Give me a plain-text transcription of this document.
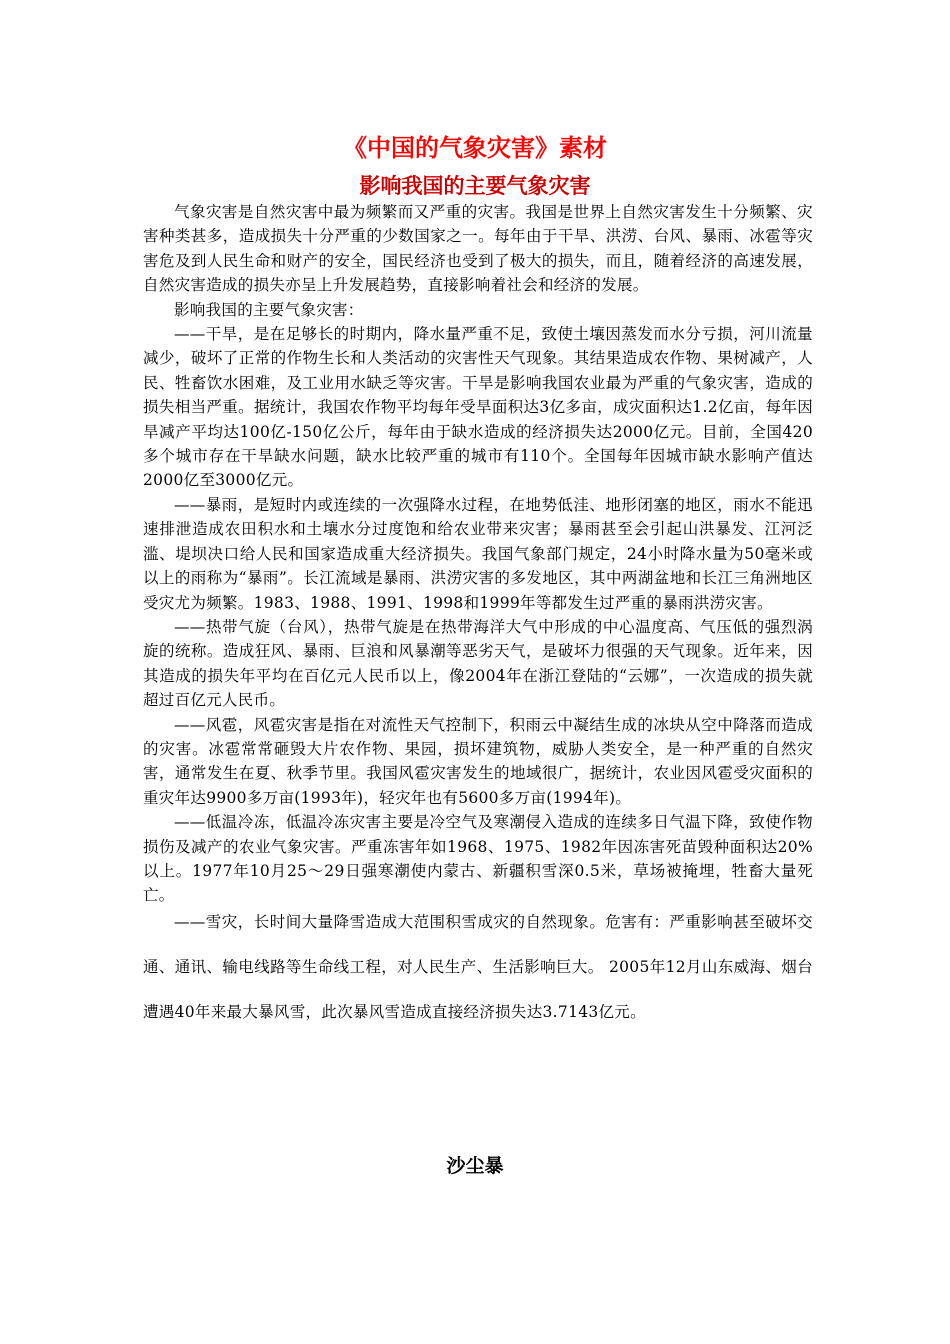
《中国的气象灾害》素材
影响我国的主要气象灾害

气象灾害是自然灾害中最为频繁而又严重的灾害。我国是世界上自然灾害发生十分频繁、灾害种类甚多，造成损失十分严重的少数国家之一。每年由于干旱、洪涝、台风、暴雨、冰雹等灾害危及到人民生命和财产的安全，国民经济也受到了极大的损失，而且，随着经济的高速发展，自然灾害造成的损失亦呈上升发展趋势，直接影响着社会和经济的发展。

影响我国的主要气象灾害：

——干旱，是在足够长的时期内，降水量严重不足，致使土壤因蒸发而水分亏损，河川流量减少，破坏了正常的作物生长和人类活动的灾害性天气现象。其结果造成农作物、果树减产，人民、牲畜饮水困难，及工业用水缺乏等灾害。干旱是影响我国农业最为严重的气象灾害，造成的损失相当严重。据统计，我国农作物平均每年受旱面积达3亿多亩，成灾面积达1.2亿亩，每年因旱减产平均达100亿-150亿公斤，每年由于缺水造成的经济损失达2000亿元。目前，全国420多个城市存在干旱缺水问题，缺水比较严重的城市有110个。全国每年因城市缺水影响产值达2000亿至3000亿元。

——暴雨，是短时内或连续的一次强降水过程，在地势低洼、地形闭塞的地区，雨水不能迅速排泄造成农田积水和土壤水分过度饱和给农业带来灾害；暴雨甚至会引起山洪暴发、江河泛滥、堤坝决口给人民和国家造成重大经济损失。我国气象部门规定，24小时降水量为50毫米或以上的雨称为“暴雨”。长江流域是暴雨、洪涝灾害的多发地区，其中两湖盆地和长江三角洲地区受灾尤为频繁。1983、1988、1991、1998和1999年等都发生过严重的暴雨洪涝灾害。

——热带气旋（台风），热带气旋是在热带海洋大气中形成的中心温度高、气压低的强烈涡旋的统称。造成狂风、暴雨、巨浪和风暴潮等恶劣天气，是破坏力很强的天气现象。近年来，因其造成的损失年平均在百亿元人民币以上，像2004年在浙江登陆的“云娜”，一次造成的损失就超过百亿元人民币。

——风雹，风雹灾害是指在对流性天气控制下，积雨云中凝结生成的冰块从空中降落而造成的灾害。冰雹常常砸毁大片农作物、果园，损坏建筑物，威胁人类安全，是一种严重的自然灾害，通常发生在夏、秋季节里。我国风雹灾害发生的地域很广，据统计，农业因风雹受灾面积的重灾年达9900多万亩(1993年)，轻灾年也有5600多万亩(1994年)。

——低温冷冻，低温冷冻灾害主要是冷空气及寒潮侵入造成的连续多日气温下降，致使作物损伤及减产的农业气象灾害。严重冻害年如1968、1975、1982年因冻害死苗毁种面积达20%以上。1977年10月25～29日强寒潮使内蒙古、新疆积雪深0.5米，草场被掩埋，牲畜大量死亡。

——雪灾，长时间大量降雪造成大范围积雪成灾的自然现象。危害有：严重影响甚至破坏交通、通讯、输电线路等生命线工程，对人民生产、生活影响巨大。 2005年12月山东威海、烟台遭遇40年来最大暴风雪，此次暴风雪造成直接经济损失达3.7143亿元。

沙尘暴
